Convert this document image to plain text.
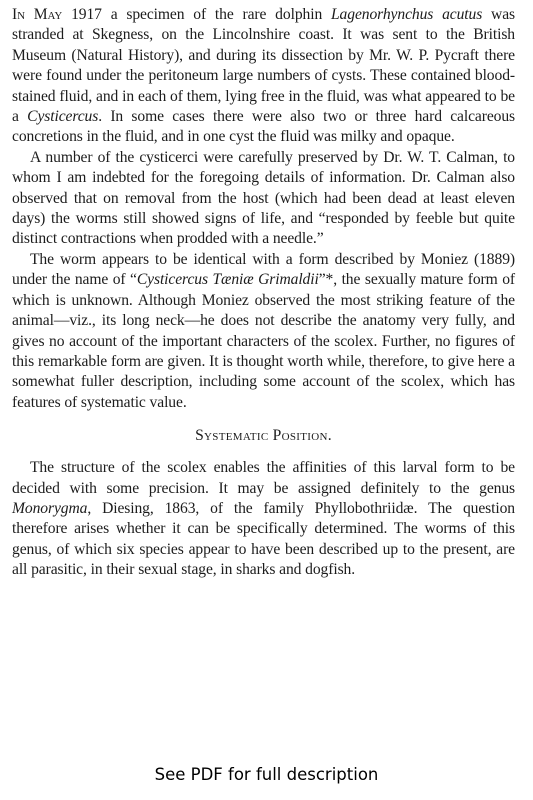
In May 1917 a specimen of the rare dolphin Lagenorhynchus acutus was stranded at Skegness, on the Lincolnshire coast. It was sent to the British Museum (Natural History), and during its dissection by Mr. W. P. Pycraft there were found under the peritoneum large numbers of cysts. These contained blood-stained fluid, and in each of them, lying free in the fluid, was what appeared to be a Cysticercus. In some cases there were also two or three hard calcareous concretions in the fluid, and in one cyst the fluid was milky and opaque.

A number of the cysticerci were carefully preserved by Dr. W. T. Calman, to whom I am indebted for the foregoing details of information. Dr. Calman also observed that on removal from the host (which had been dead at least eleven days) the worms still showed signs of life, and “responded by feeble but quite distinct contractions when prodded with a needle.”

The worm appears to be identical with a form described by Moniez (1889) under the name of “Cysticercus Tæniæ Grimaldii”*, the sexually mature form of which is unknown. Although Moniez observed the most striking feature of the animal—viz., its long neck—he does not describe the anatomy very fully, and gives no account of the important characters of the scolex. Further, no figures of this remarkable form are given. It is thought worth while, therefore, to give here a somewhat fuller description, including some account of the scolex, which has features of systematic value.

Systematic Position.

The structure of the scolex enables the affinities of this larval form to be decided with some precision. It may be assigned definitely to the genus Monorygma, Diesing, 1863, of the family Phyllobothriidæ. The question therefore arises whether it can be specifically determined. The worms of this genus, of which six species appear to have been described up to the present, are all parasitic, in their sexual stage, in sharks and dogfish.

See PDF for full description
